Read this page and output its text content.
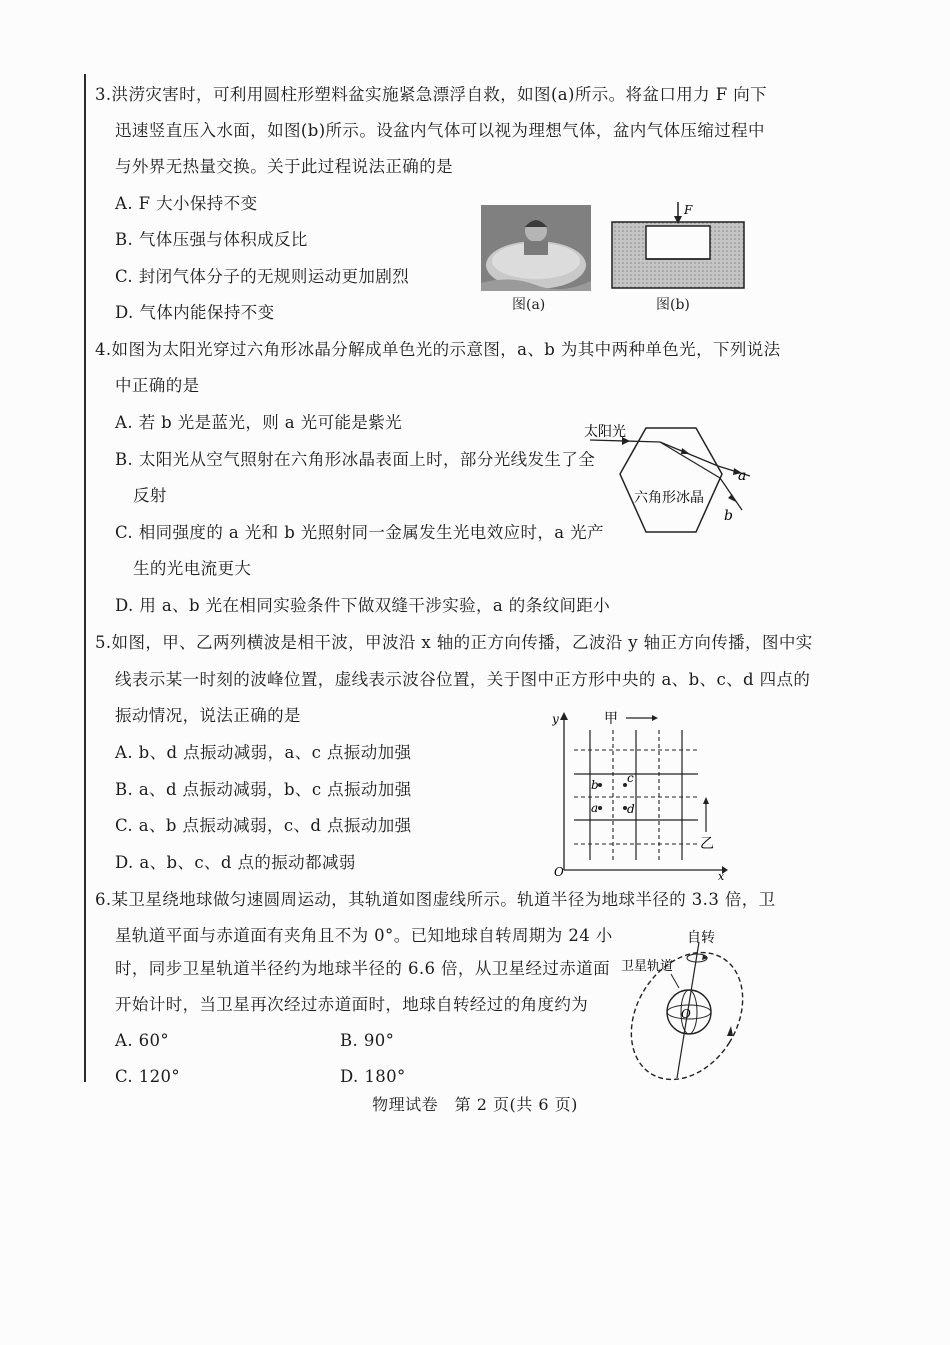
3.洪涝灾害时，可利用圆柱形塑料盆实施紧急漂浮自救，如图(a)所示。将盆口用力 F 向下
迅速竖直压入水面，如图(b)所示。设盆内气体可以视为理想气体，盆内气体压缩过程中
与外界无热量交换。关于此过程说法正确的是
A. F 大小保持不变
B. 气体压强与体积成反比
C. 封闭气体分子的无规则运动更加剧烈
D. 气体内能保持不变	图(a)
F
图(b)
4.如图为太阳光穿过六角形冰晶分解成单色光的示意图，a、b 为其中两种单色光，下列说法
中正确的是
A. 若 b 光是蓝光，则 a 光可能是紫光
B. 太阳光从空气照射在六角形冰晶表面上时，部分光线发生了全
反射
C. 相同强度的 a 光和 b 光照射同一金属发生光电效应时，a 光产
生的光电流更大
D. 用 a、b 光在相同实验条件下做双缝干涉实验，a 的条纹间距小
太阳光
六角形冰晶
a
b
5.如图，甲、乙两列横波是相干波，甲波沿 x 轴的正方向传播，乙波沿 y 轴正方向传播，图中实
线表示某一时刻的波峰位置，虚线表示波谷位置，关于图中正方形中央的 a、b、c、d 四点的
振动情况，说法正确的是
A. b、d 点振动减弱，a、c 点振动加强
B. a、d 点振动减弱，b、c 点振动加强
C. a、b 点振动减弱，c、d 点振动加强
D. a、b、c、d 点的振动都减弱
b c
a d
y
x
O
甲
乙
6.某卫星绕地球做匀速圆周运动，其轨道如图虚线所示。轨道半径为地球半径的 3.3 倍，卫
星轨道平面与赤道面有夹角且不为 0°。已知地球自转周期为 24 小
时，同步卫星轨道半径约为地球半径的 6.6 倍，从卫星经过赤道面
开始计时，当卫星再次经过赤道面时，地球自转经过的角度约为
A. 60°	B. 90°
C. 120°	D. 180°
自转
卫星轨道
O
物理试卷　第 2 页(共 6 页)
